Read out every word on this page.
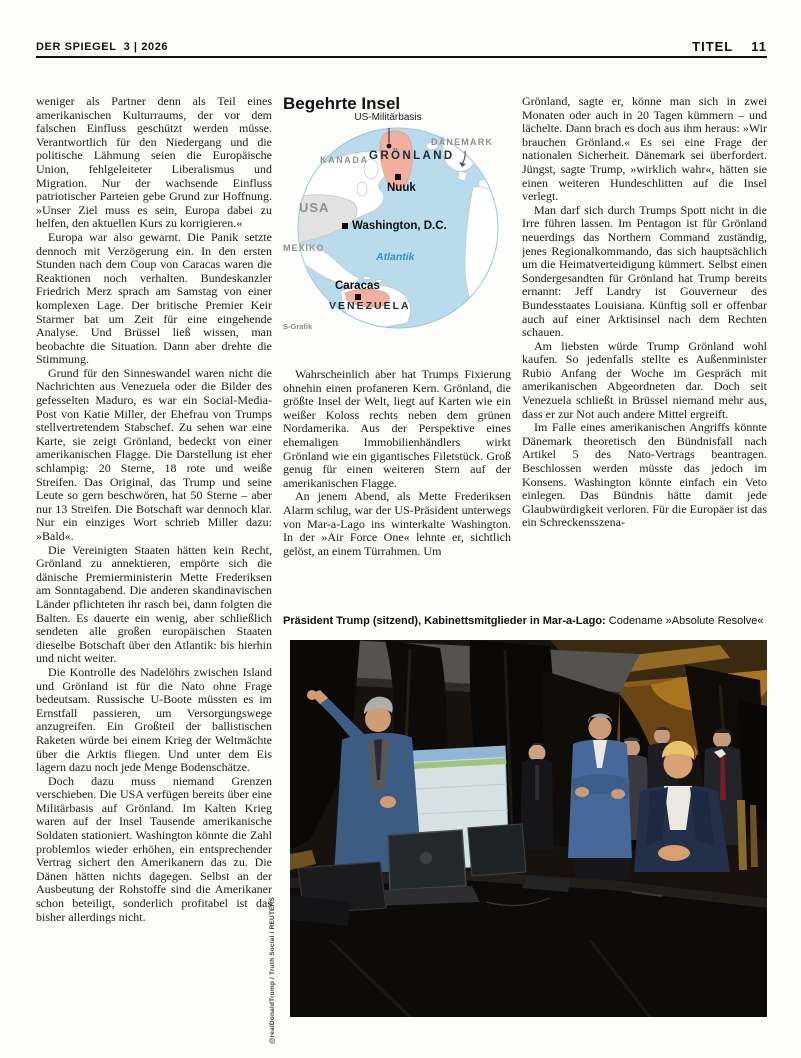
DER SPIEGEL 3 | 2026	TITEL 11

weniger als Partner denn als Teil eines amerikanischen Kulturraums, der vor dem falschen Einfluss geschützt werden müsse. Verantwortlich für den Niedergang und die politische Lähmung seien die Europäische Union, fehlgeleiteter Liberalismus und Migration. Nur der wachsende Einfluss patriotischer Parteien gebe Grund zur Hoffnung. »Unser Ziel muss es sein, Europa dabei zu helfen, den aktuellen Kurs zu korrigieren.«

Europa war also gewarnt. Die Panik setzte dennoch mit Verzögerung ein. In den ersten Stunden nach dem Coup von Caracas waren die Reaktionen noch verhalten. Bundeskanzler Friedrich Merz sprach am Samstag von einer komplexen Lage. Der britische Premier Keir Starmer bat um Zeit für eine eingehende Analyse. Und Brüssel ließ wissen, man beobachte die Situation. Dann aber drehte die Stimmung.

Grund für den Sinneswandel waren nicht die Nachrichten aus Venezuela oder die Bilder des gefesselten Maduro, es war ein Social-Media-Post von Katie Miller, der Ehefrau von Trumps stellvertretendem Stabschef. Zu sehen war eine Karte, sie zeigt Grönland, bedeckt von einer amerikanischen Flagge. Die Darstellung ist eher schlampig: 20 Sterne, 18 rote und weiße Streifen. Das Original, das Trump und seine Leute so gern beschwören, hat 50 Sterne – aber nur 13 Streifen. Die Botschaft war dennoch klar. Nur ein einziges Wort schrieb Miller dazu: »Bald«.

Die Vereinigten Staaten hätten kein Recht, Grönland zu annektieren, empörte sich die dänische Premierministerin Mette Frederiksen am Sonntagabend. Die anderen skandinavischen Länder pflichteten ihr rasch bei, dann folgten die Balten. Es dauerte ein wenig, aber schließlich sendeten alle großen europäischen Staaten dieselbe Botschaft über den Atlantik: bis hierhin und nicht weiter.

Die Kontrolle des Nadelöhrs zwischen Island und Grönland ist für die Nato ohne Frage bedeutsam. Russische U-Boote müssten es im Ernstfall passieren, um Versorgungswege anzugreifen. Ein Großteil der ballistischen Raketen würde bei einem Krieg der Weltmächte über die Arktis fliegen. Und unter dem Eis lagern dazu noch jede Menge Bodenschätze.

Doch dazu muss niemand Grenzen verschieben. Die USA verfügen bereits über eine Militärbasis auf Grönland. Im Kalten Krieg waren auf der Insel Tausende amerikanische Soldaten stationiert. Washington könnte die Zahl problemlos wieder erhöhen, ein entsprechender Vertrag sichert den Amerikanern das zu. Die Dänen hätten nichts dagegen. Selbst an der Ausbeutung der Rohstoffe sind die Amerikaner schon beteiligt, sonderlich profitabel ist das bisher allerdings nicht.

Begehrte Insel
US-Militärbasis
KANADA GRÖNLAND
DÄNEMARK
Nuuk
USA
Washington, D.C.
MEXIKO
Atlantik
Caracas
VENEZUELA
S-Grafik

Wahrscheinlich aber hat Trumps Fixierung ohnehin einen profaneren Kern. Grönland, die größte Insel der Welt, liegt auf Karten wie ein weißer Koloss rechts neben dem grünen Nordamerika. Aus der Perspektive eines ehemaligen Immobilienhändlers wirkt Grönland wie ein gigantisches Filetstück. Groß genug für einen weiteren Stern auf der amerikanischen Flagge.

An jenem Abend, als Mette Frederiksen Alarm schlug, war der US-Präsident unterwegs von Mar-a-Lago ins winterkalte Washington. In der »Air Force One« lehnte er, sichtlich gelöst, an einem Türrahmen. Um

Grönland, sagte er, könne man sich in zwei Monaten oder auch in 20 Tagen kümmern – und lächelte. Dann brach es doch aus ihm heraus: »Wir brauchen Grönland.« Es sei eine Frage der nationalen Sicherheit. Dänemark sei überfordert. Jüngst, sagte Trump, »wirklich wahr«, hätten sie einen weiteren Hundeschlitten auf die Insel verlegt.

Man darf sich durch Trumps Spott nicht in die Irre führen lassen. Im Pentagon ist für Grönland neuerdings das Northern Command zuständig, jenes Regionalkommando, das sich hauptsächlich um die Heimatverteidigung kümmert. Selbst einen Sondergesandten für Grönland hat Trump bereits ernannt: Jeff Landry ist Gouverneur des Bundesstaates Louisiana. Künftig soll er offenbar auch auf einer Arktisinsel nach dem Rechten schauen.

Am liebsten würde Trump Grönland wohl kaufen. So jedenfalls stellte es Außenminister Rubio Anfang der Woche im Gespräch mit amerikanischen Abgeordneten dar. Doch seit Venezuela schließt in Brüssel niemand mehr aus, dass er zur Not auch andere Mittel ergreift.

Im Falle eines amerikanischen Angriffs könnte Dänemark theoretisch den Bündnisfall nach Artikel 5 des Nato-Vertrags beantragen. Beschlossen werden müsste das jedoch im Konsens. Washington könnte einfach ein Veto einlegen. Das Bündnis hätte damit jede Glaubwürdigkeit verloren. Für die Europäer ist das ein Schreckensszena-

Präsident Trump (sitzend), Kabinettsmitglieder in Mar-a-Lago: Codename »Absolute Resolve«
@realDonaldTrump / Truth Social / REUTERS
